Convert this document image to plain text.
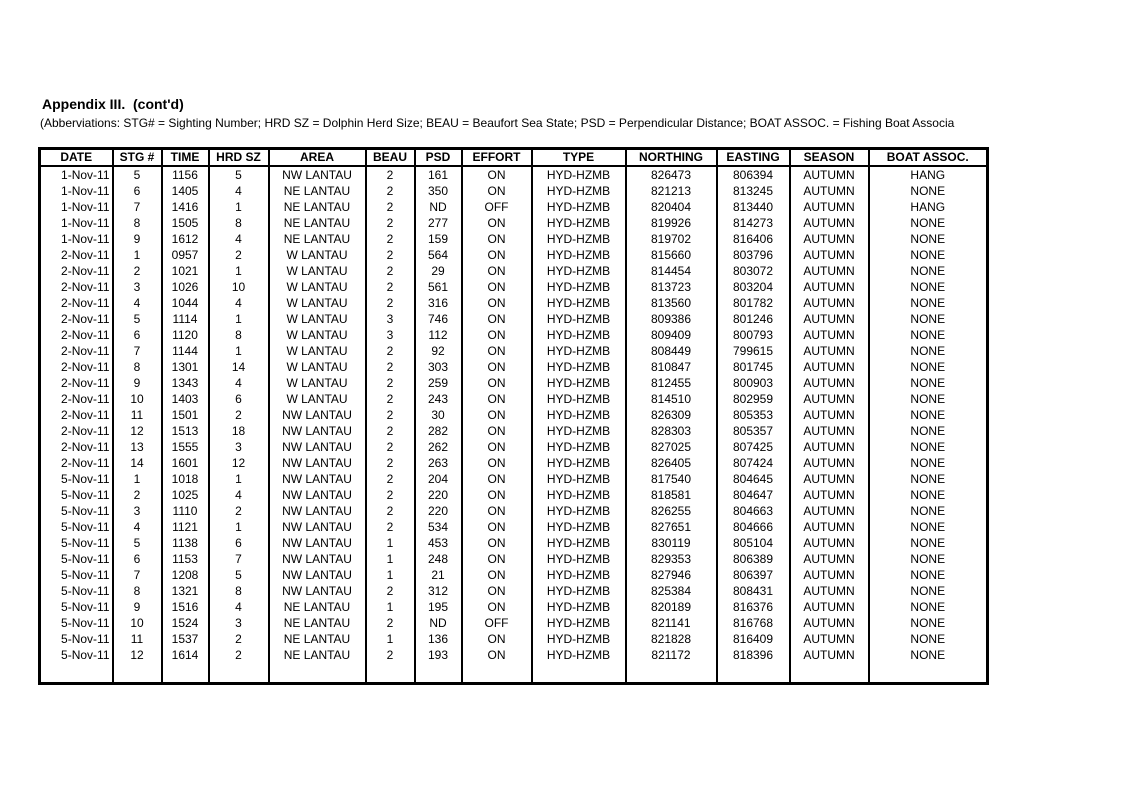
Appendix III.  (cont'd)
(Abberviations: STG# = Sighting Number; HRD SZ = Dolphin Herd Size; BEAU = Beaufort Sea State; PSD = Perpendicular Distance; BOAT ASSOC. = Fishing Boat Associa
DATE	STG #	TIME	HRD SZ	AREA	BEAU	PSD	EFFORT	TYPE	NORTHING	EASTING	SEASON	BOAT ASSOC.
1-Nov-11	5	1156	5	NW LANTAU	2	161	ON	HYD-HZMB	826473	806394	AUTUMN	HANG
1-Nov-11	6	1405	4	NE LANTAU	2	350	ON	HYD-HZMB	821213	813245	AUTUMN	NONE
1-Nov-11	7	1416	1	NE LANTAU	2	ND	OFF	HYD-HZMB	820404	813440	AUTUMN	HANG
1-Nov-11	8	1505	8	NE LANTAU	2	277	ON	HYD-HZMB	819926	814273	AUTUMN	NONE
1-Nov-11	9	1612	4	NE LANTAU	2	159	ON	HYD-HZMB	819702	816406	AUTUMN	NONE
2-Nov-11	1	0957	2	W LANTAU	2	564	ON	HYD-HZMB	815660	803796	AUTUMN	NONE
2-Nov-11	2	1021	1	W LANTAU	2	29	ON	HYD-HZMB	814454	803072	AUTUMN	NONE
2-Nov-11	3	1026	10	W LANTAU	2	561	ON	HYD-HZMB	813723	803204	AUTUMN	NONE
2-Nov-11	4	1044	4	W LANTAU	2	316	ON	HYD-HZMB	813560	801782	AUTUMN	NONE
2-Nov-11	5	1114	1	W LANTAU	3	746	ON	HYD-HZMB	809386	801246	AUTUMN	NONE
2-Nov-11	6	1120	8	W LANTAU	3	112	ON	HYD-HZMB	809409	800793	AUTUMN	NONE
2-Nov-11	7	1144	1	W LANTAU	2	92	ON	HYD-HZMB	808449	799615	AUTUMN	NONE
2-Nov-11	8	1301	14	W LANTAU	2	303	ON	HYD-HZMB	810847	801745	AUTUMN	NONE
2-Nov-11	9	1343	4	W LANTAU	2	259	ON	HYD-HZMB	812455	800903	AUTUMN	NONE
2-Nov-11	10	1403	6	W LANTAU	2	243	ON	HYD-HZMB	814510	802959	AUTUMN	NONE
2-Nov-11	11	1501	2	NW LANTAU	2	30	ON	HYD-HZMB	826309	805353	AUTUMN	NONE
2-Nov-11	12	1513	18	NW LANTAU	2	282	ON	HYD-HZMB	828303	805357	AUTUMN	NONE
2-Nov-11	13	1555	3	NW LANTAU	2	262	ON	HYD-HZMB	827025	807425	AUTUMN	NONE
2-Nov-11	14	1601	12	NW LANTAU	2	263	ON	HYD-HZMB	826405	807424	AUTUMN	NONE
5-Nov-11	1	1018	1	NW LANTAU	2	204	ON	HYD-HZMB	817540	804645	AUTUMN	NONE
5-Nov-11	2	1025	4	NW LANTAU	2	220	ON	HYD-HZMB	818581	804647	AUTUMN	NONE
5-Nov-11	3	1110	2	NW LANTAU	2	220	ON	HYD-HZMB	826255	804663	AUTUMN	NONE
5-Nov-11	4	1121	1	NW LANTAU	2	534	ON	HYD-HZMB	827651	804666	AUTUMN	NONE
5-Nov-11	5	1138	6	NW LANTAU	1	453	ON	HYD-HZMB	830119	805104	AUTUMN	NONE
5-Nov-11	6	1153	7	NW LANTAU	1	248	ON	HYD-HZMB	829353	806389	AUTUMN	NONE
5-Nov-11	7	1208	5	NW LANTAU	1	21	ON	HYD-HZMB	827946	806397	AUTUMN	NONE
5-Nov-11	8	1321	8	NW LANTAU	2	312	ON	HYD-HZMB	825384	808431	AUTUMN	NONE
5-Nov-11	9	1516	4	NE LANTAU	1	195	ON	HYD-HZMB	820189	816376	AUTUMN	NONE
5-Nov-11	10	1524	3	NE LANTAU	2	ND	OFF	HYD-HZMB	821141	816768	AUTUMN	NONE
5-Nov-11	11	1537	2	NE LANTAU	1	136	ON	HYD-HZMB	821828	816409	AUTUMN	NONE
5-Nov-11	12	1614	2	NE LANTAU	2	193	ON	HYD-HZMB	821172	818396	AUTUMN	NONE
